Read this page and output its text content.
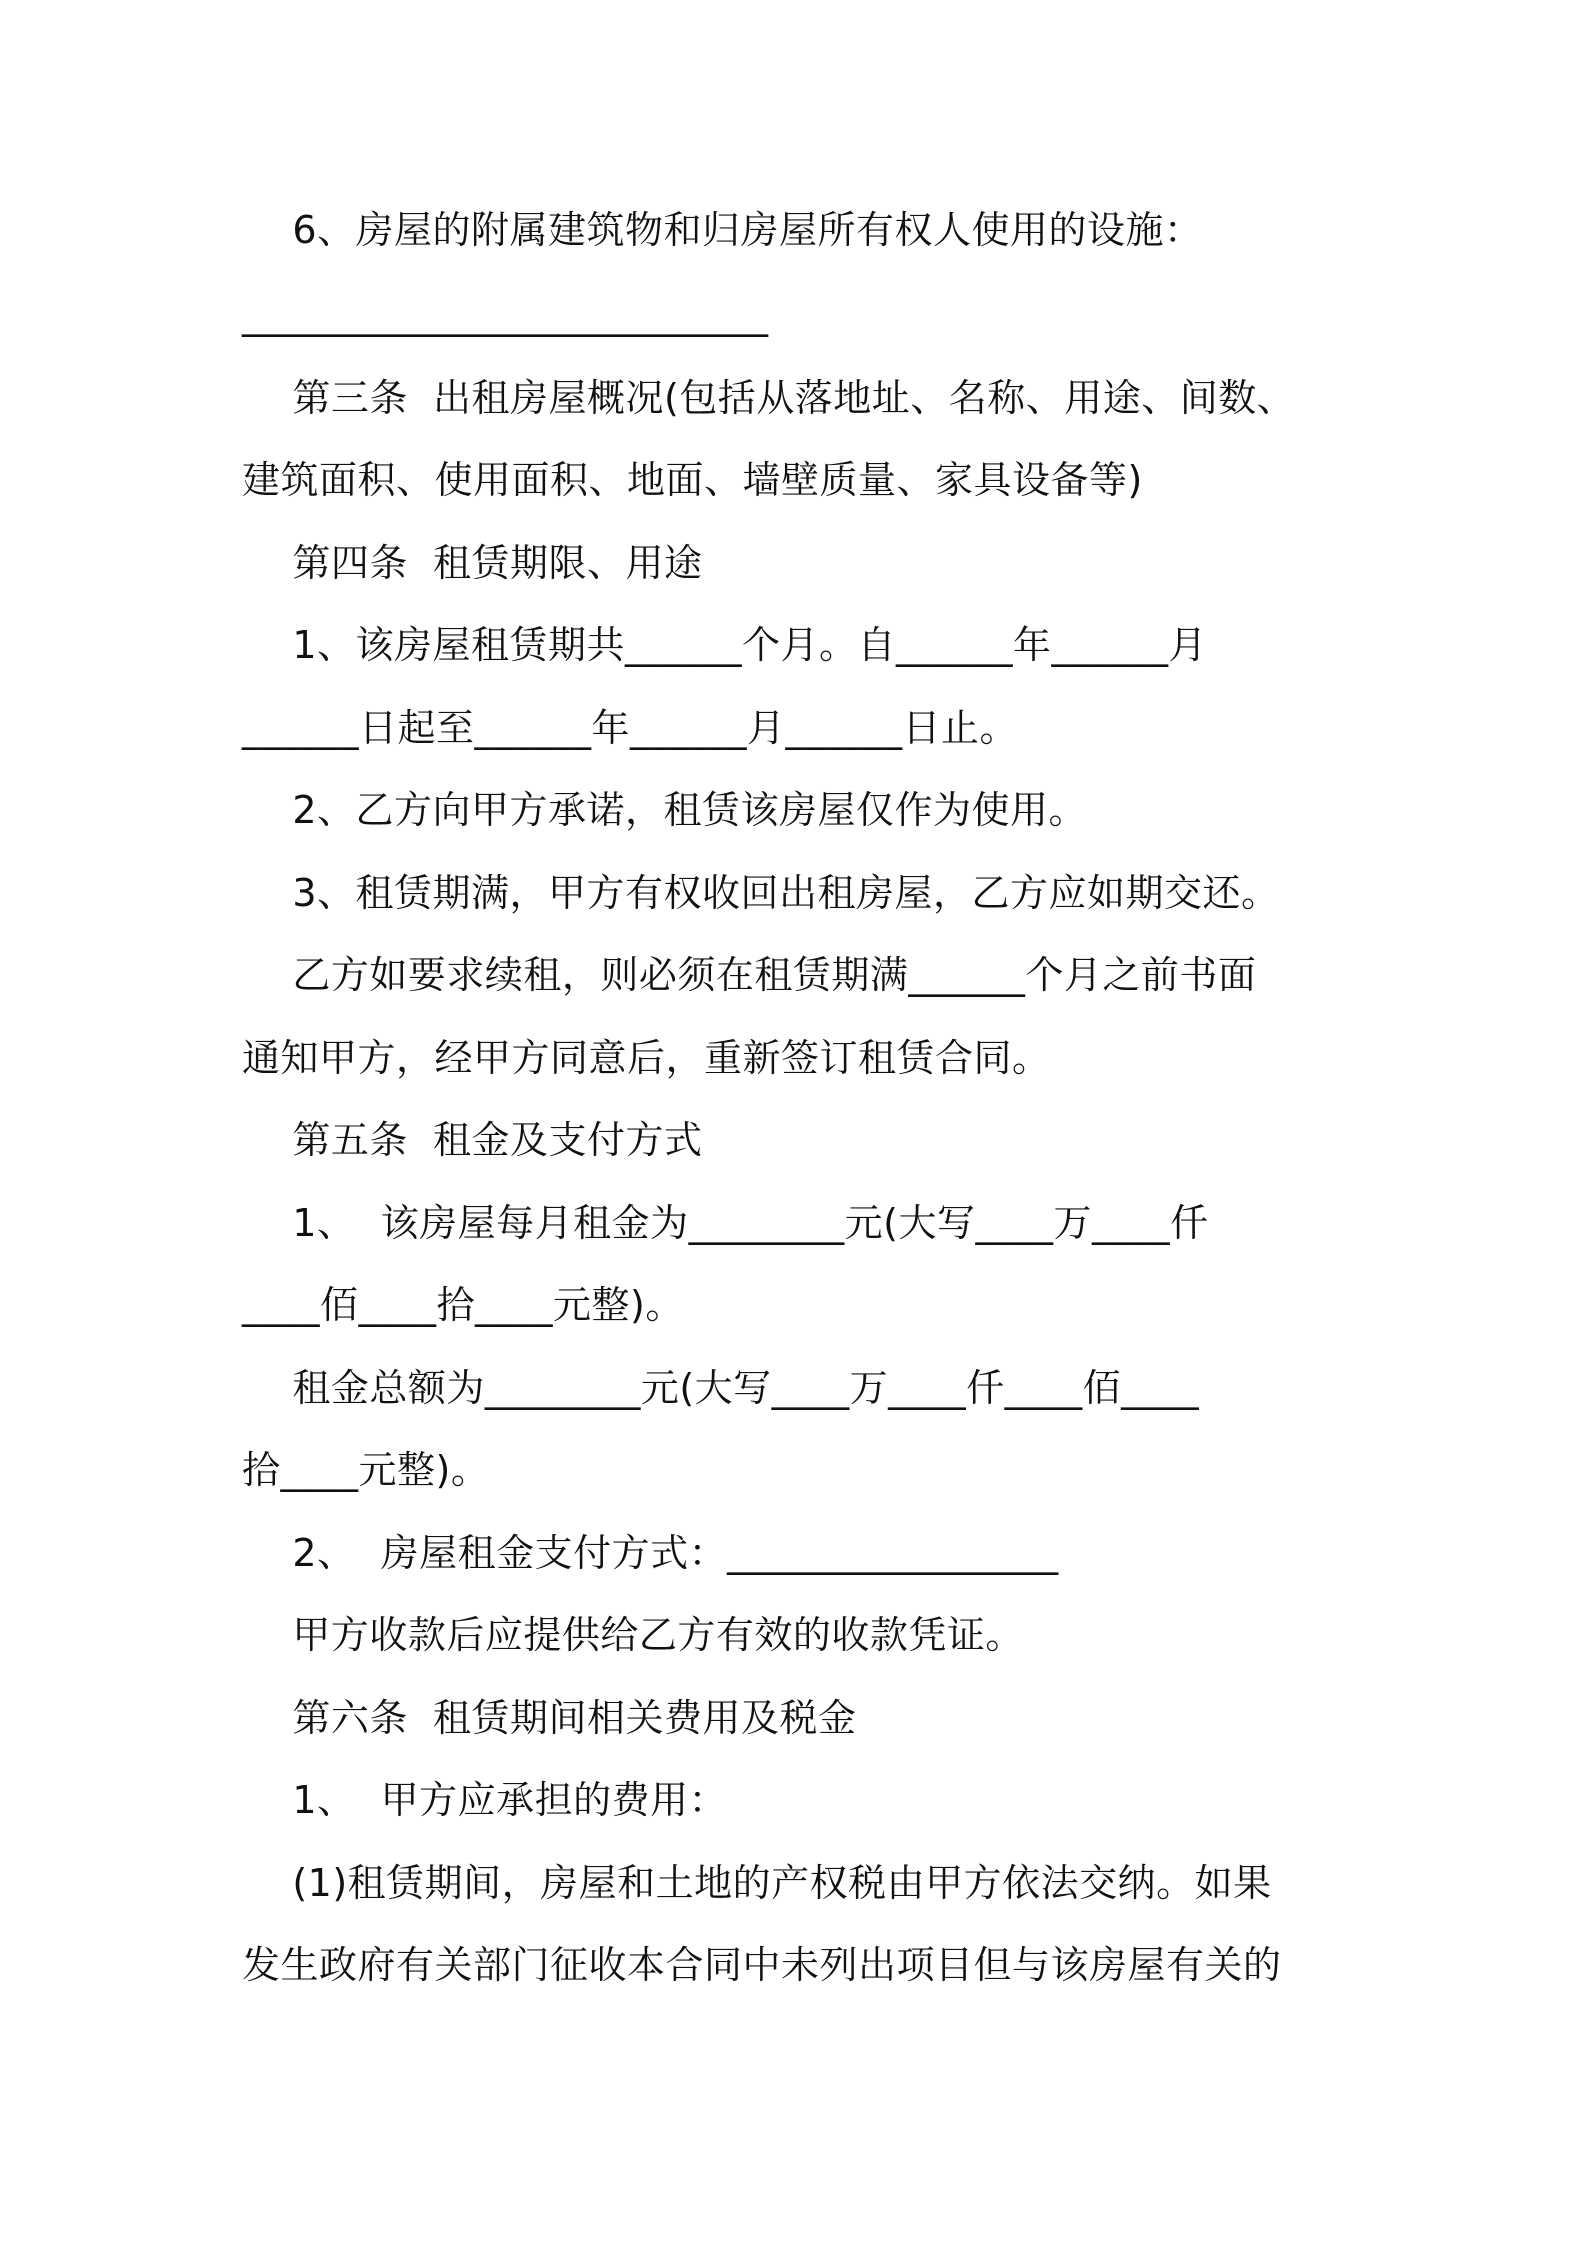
6、房屋的附属建筑物和归房屋所有权人使用的设施：
___________________________
第三条  出租房屋概况(包括从落地址、名称、用途、间数、
建筑面积、使用面积、地面、墙壁质量、家具设备等)
第四条  租赁期限、用途
1、该房屋租赁期共______个月。自______年______月
______日起至______年______月______日止。
2、乙方向甲方承诺，租赁该房屋仅作为使用。
3、租赁期满，甲方有权收回出租房屋，乙方应如期交还。
乙方如要求续租，则必须在租赁期满______个月之前书面
通知甲方，经甲方同意后，重新签订租赁合同。
第五条  租金及支付方式
1、  该房屋每月租金为________元(大写____万____仟
____佰____拾____元整)。
租金总额为________元(大写____万____仟____佰____
拾____元整)。
2、  房屋租金支付方式：_________________
甲方收款后应提供给乙方有效的收款凭证。
第六条  租赁期间相关费用及税金
1、  甲方应承担的费用：
(1)租赁期间，房屋和土地的产权税由甲方依法交纳。如果
发生政府有关部门征收本合同中未列出项目但与该房屋有关的
